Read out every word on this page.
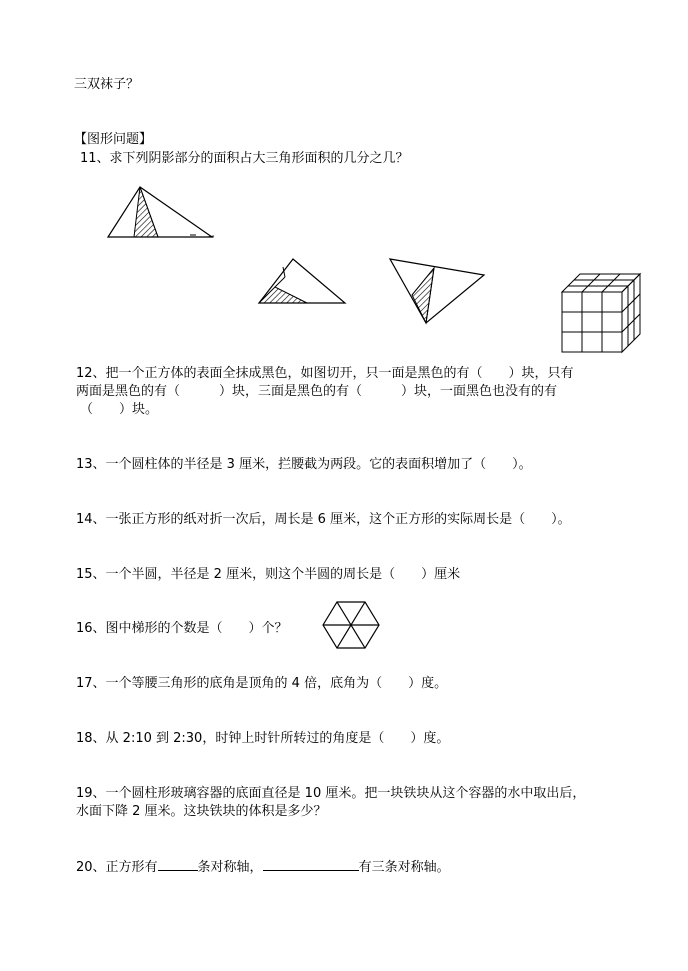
三双袜子？
【图形问题】
11、求下列阴影部分的面积占大三角形面积的几分之几？
12、把一个正方体的表面全抹成黑色，如图切开，只一面是黑色的有（　　）块，只有
两面是黑色的有（　　　）块，三面是黑色的有（　　　）块，一面黑色也没有的有
（　　）块。
13、一个圆柱体的半径是 3 厘米，拦腰截为两段。它的表面积增加了（　　）。
14、一张正方形的纸对折一次后，周长是 6 厘米，这个正方形的实际周长是（　　）。
15、一个半圆，半径是 2 厘米，则这个半圆的周长是（　　）厘米
16、图中梯形的个数是（　　）个？
17、一个等腰三角形的底角是顶角的 4 倍，底角为（　　）度。
18、从 2:10 到 2:30，时钟上时针所转过的角度是（　　）度。
19、一个圆柱形玻璃容器的底面直径是 10 厘米。把一块铁块从这个容器的水中取出后，
水面下降 2 厘米。这块铁块的体积是多少？
20、正方形有	条对称轴，	有三条对称轴。
